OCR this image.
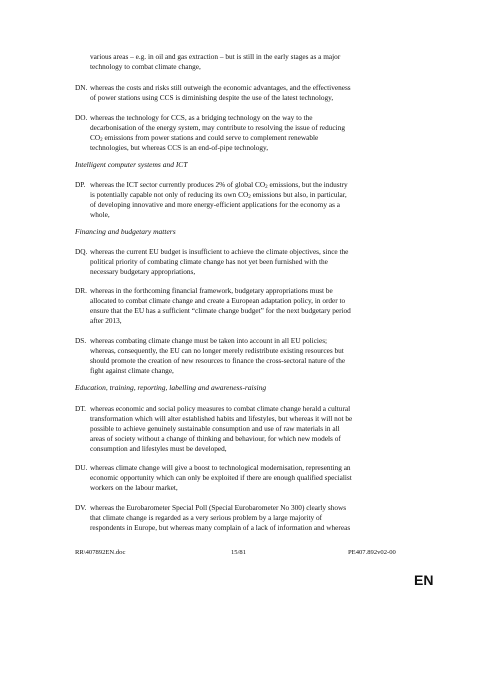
various areas – e.g. in oil and gas extraction – but is still in the early stages as a major
technology to combat climate change,
DN. whereas the costs and risks still outweigh the economic advantages, and the effectiveness
of power stations using CCS is diminishing despite the use of the latest technology,
DO. whereas the technology for CCS, as a bridging technology on the way to the
decarbonisation of the energy system, may contribute to resolving the issue of reducing
$CO_2$ emissions from power stations and could serve to complement renewable
technologies, but whereas CCS is an end-of-pipe technology,
Intelligent computer systems and ICT
DP. whereas the ICT sector currently produces 2% of global $CO_2$ emissions, but the industry
is potentially capable not only of reducing its own $CO_2$ emissions but also, in particular,
of developing innovative and more energy-efficient applications for the economy as a
whole,
Financing and budgetary matters
DQ. whereas the current EU budget is insufficient to achieve the climate objectives, since the
political priority of combating climate change has not yet been furnished with the
necessary budgetary appropriations,
DR. whereas in the forthcoming financial framework, budgetary appropriations must be
allocated to combat climate change and create a European adaptation policy, in order to
ensure that the EU has a sufficient “climate change budget” for the next budgetary period
after 2013,
DS. whereas combating climate change must be taken into account in all EU policies;
whereas, consequently, the EU can no longer merely redistribute existing resources but
should promote the creation of new resources to finance the cross-sectoral nature of the
fight against climate change,
Education, training, reporting, labelling and awareness-raising
DT. whereas economic and social policy measures to combat climate change herald a cultural
transformation which will alter established habits and lifestyles, but whereas it will not be
possible to achieve genuinely sustainable consumption and use of raw materials in all
areas of society without a change of thinking and behaviour, for which new models of
consumption and lifestyles must be developed,
DU. whereas climate change will give a boost to technological modernisation, representing an
economic opportunity which can only be exploited if there are enough qualified specialist
workers on the labour market,
DV. whereas the Eurobarometer Special Poll (Special Eurobarometer No 300) clearly shows
that climate change is regarded as a very serious problem by a large majority of
respondents in Europe, but whereas many complain of a lack of information and whereas
RR\407892EN.doc	15/81	PE407.892v02-00
EN
